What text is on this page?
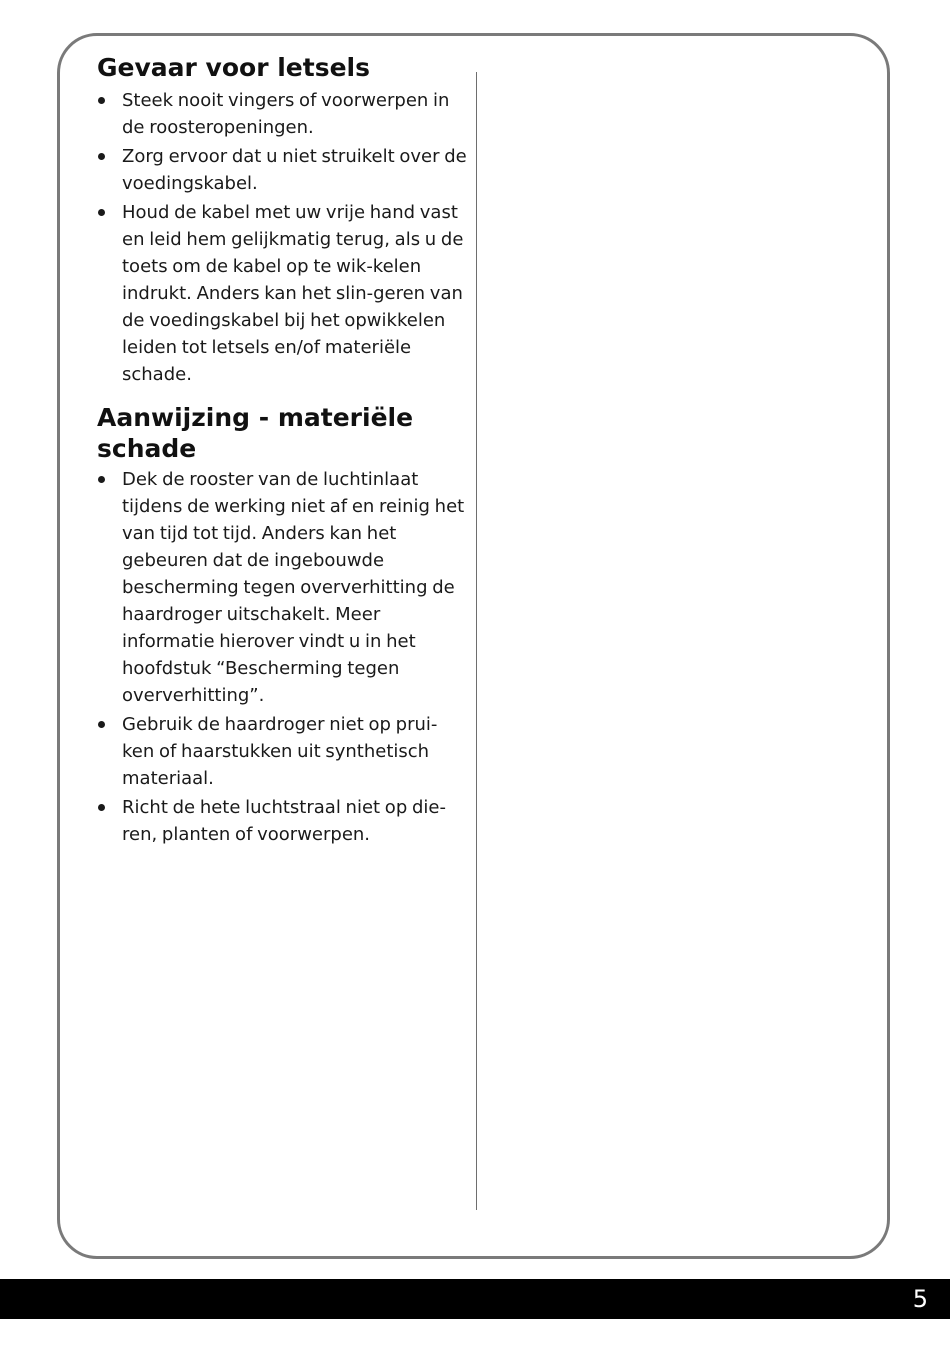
Gevaar voor letsels
Steek nooit vingers of voorwerpen in de roosteropeningen.
Zorg ervoor dat u niet struikelt over de voedingskabel.
Houd de kabel met uw vrije hand vast en leid hem gelijkmatig terug, als u de toets om de kabel op te wik-kelen indrukt. Anders kan het slin-geren van de voedingskabel bij het opwikkelen leiden tot letsels en/of materiële schade.
Aanwijzing - materiële schade
Dek de rooster van de luchtinlaat tijdens de werking niet af en reinig het van tijd tot tijd. Anders kan het gebeuren dat de ingebouwde bescherming tegen oververhitting de haardroger uitschakelt. Meer informatie hierover vindt u in het hoofdstuk “Bescherming tegen oververhitting”.
Gebruik de haardroger niet op prui-ken of haarstukken uit synthetisch materiaal.
Richt de hete luchtstraal niet op die-ren, planten of voorwerpen.
5
